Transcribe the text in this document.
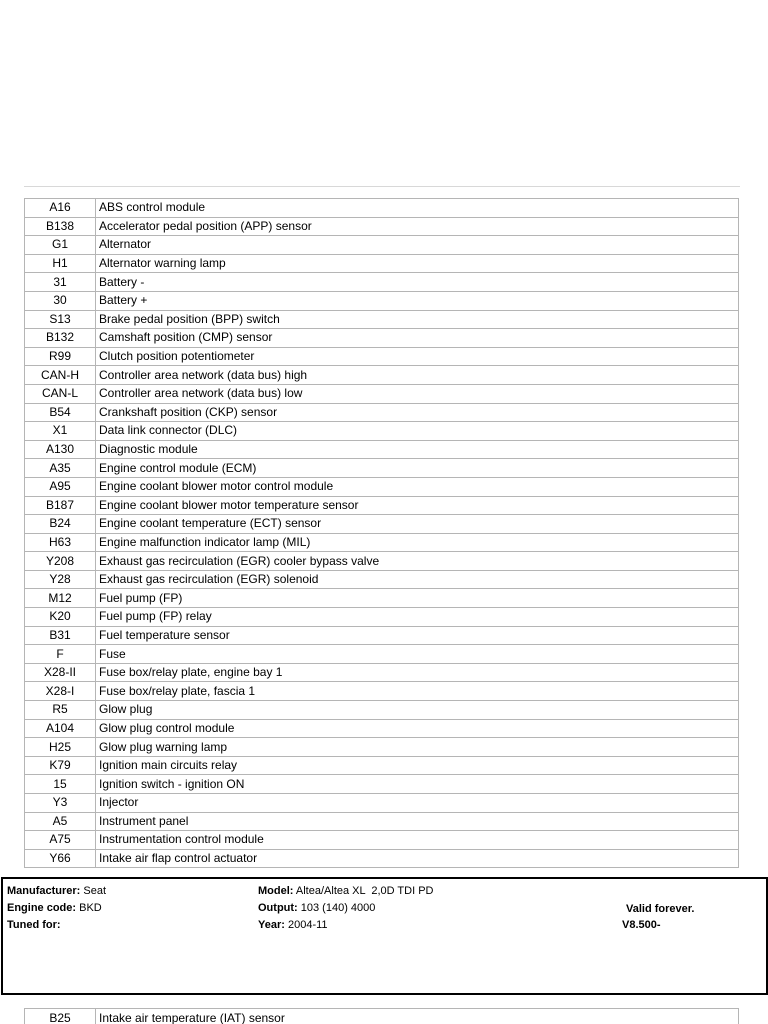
A16	ABS control module
B138	Accelerator pedal position (APP) sensor
G1	Alternator
H1	Alternator warning lamp
31	Battery -
30	Battery +
S13	Brake pedal position (BPP) switch
B132	Camshaft position (CMP) sensor
R99	Clutch position potentiometer
CAN-H	Controller area network (data bus) high
CAN-L	Controller area network (data bus) low
B54	Crankshaft position (CKP) sensor
X1	Data link connector (DLC)
A130	Diagnostic module
A35	Engine control module (ECM)
A95	Engine coolant blower motor control module
B187	Engine coolant blower motor temperature sensor
B24	Engine coolant temperature (ECT) sensor
H63	Engine malfunction indicator lamp (MIL)
Y208	Exhaust gas recirculation (EGR) cooler bypass valve
Y28	Exhaust gas recirculation (EGR) solenoid
M12	Fuel pump (FP)
K20	Fuel pump (FP) relay
B31	Fuel temperature sensor
F	Fuse
X28-II	Fuse box/relay plate, engine bay 1
X28-I	Fuse box/relay plate, fascia 1
R5	Glow plug
A104	Glow plug control module
H25	Glow plug warning lamp
K79	Ignition main circuits relay
15	Ignition switch - ignition ON
Y3	Injector
A5	Instrument panel
A75	Instrumentation control module
Y66	Intake air flap control actuator
Manufacturer: Seat
Engine code: BKD
Tuned for:
Model: Altea/Altea XL  2,0D TDI PD
Output: 103 (140) 4000
Year: 2004-11
Valid forever.
V8.500-
B25	Intake air temperature (IAT) sensor
